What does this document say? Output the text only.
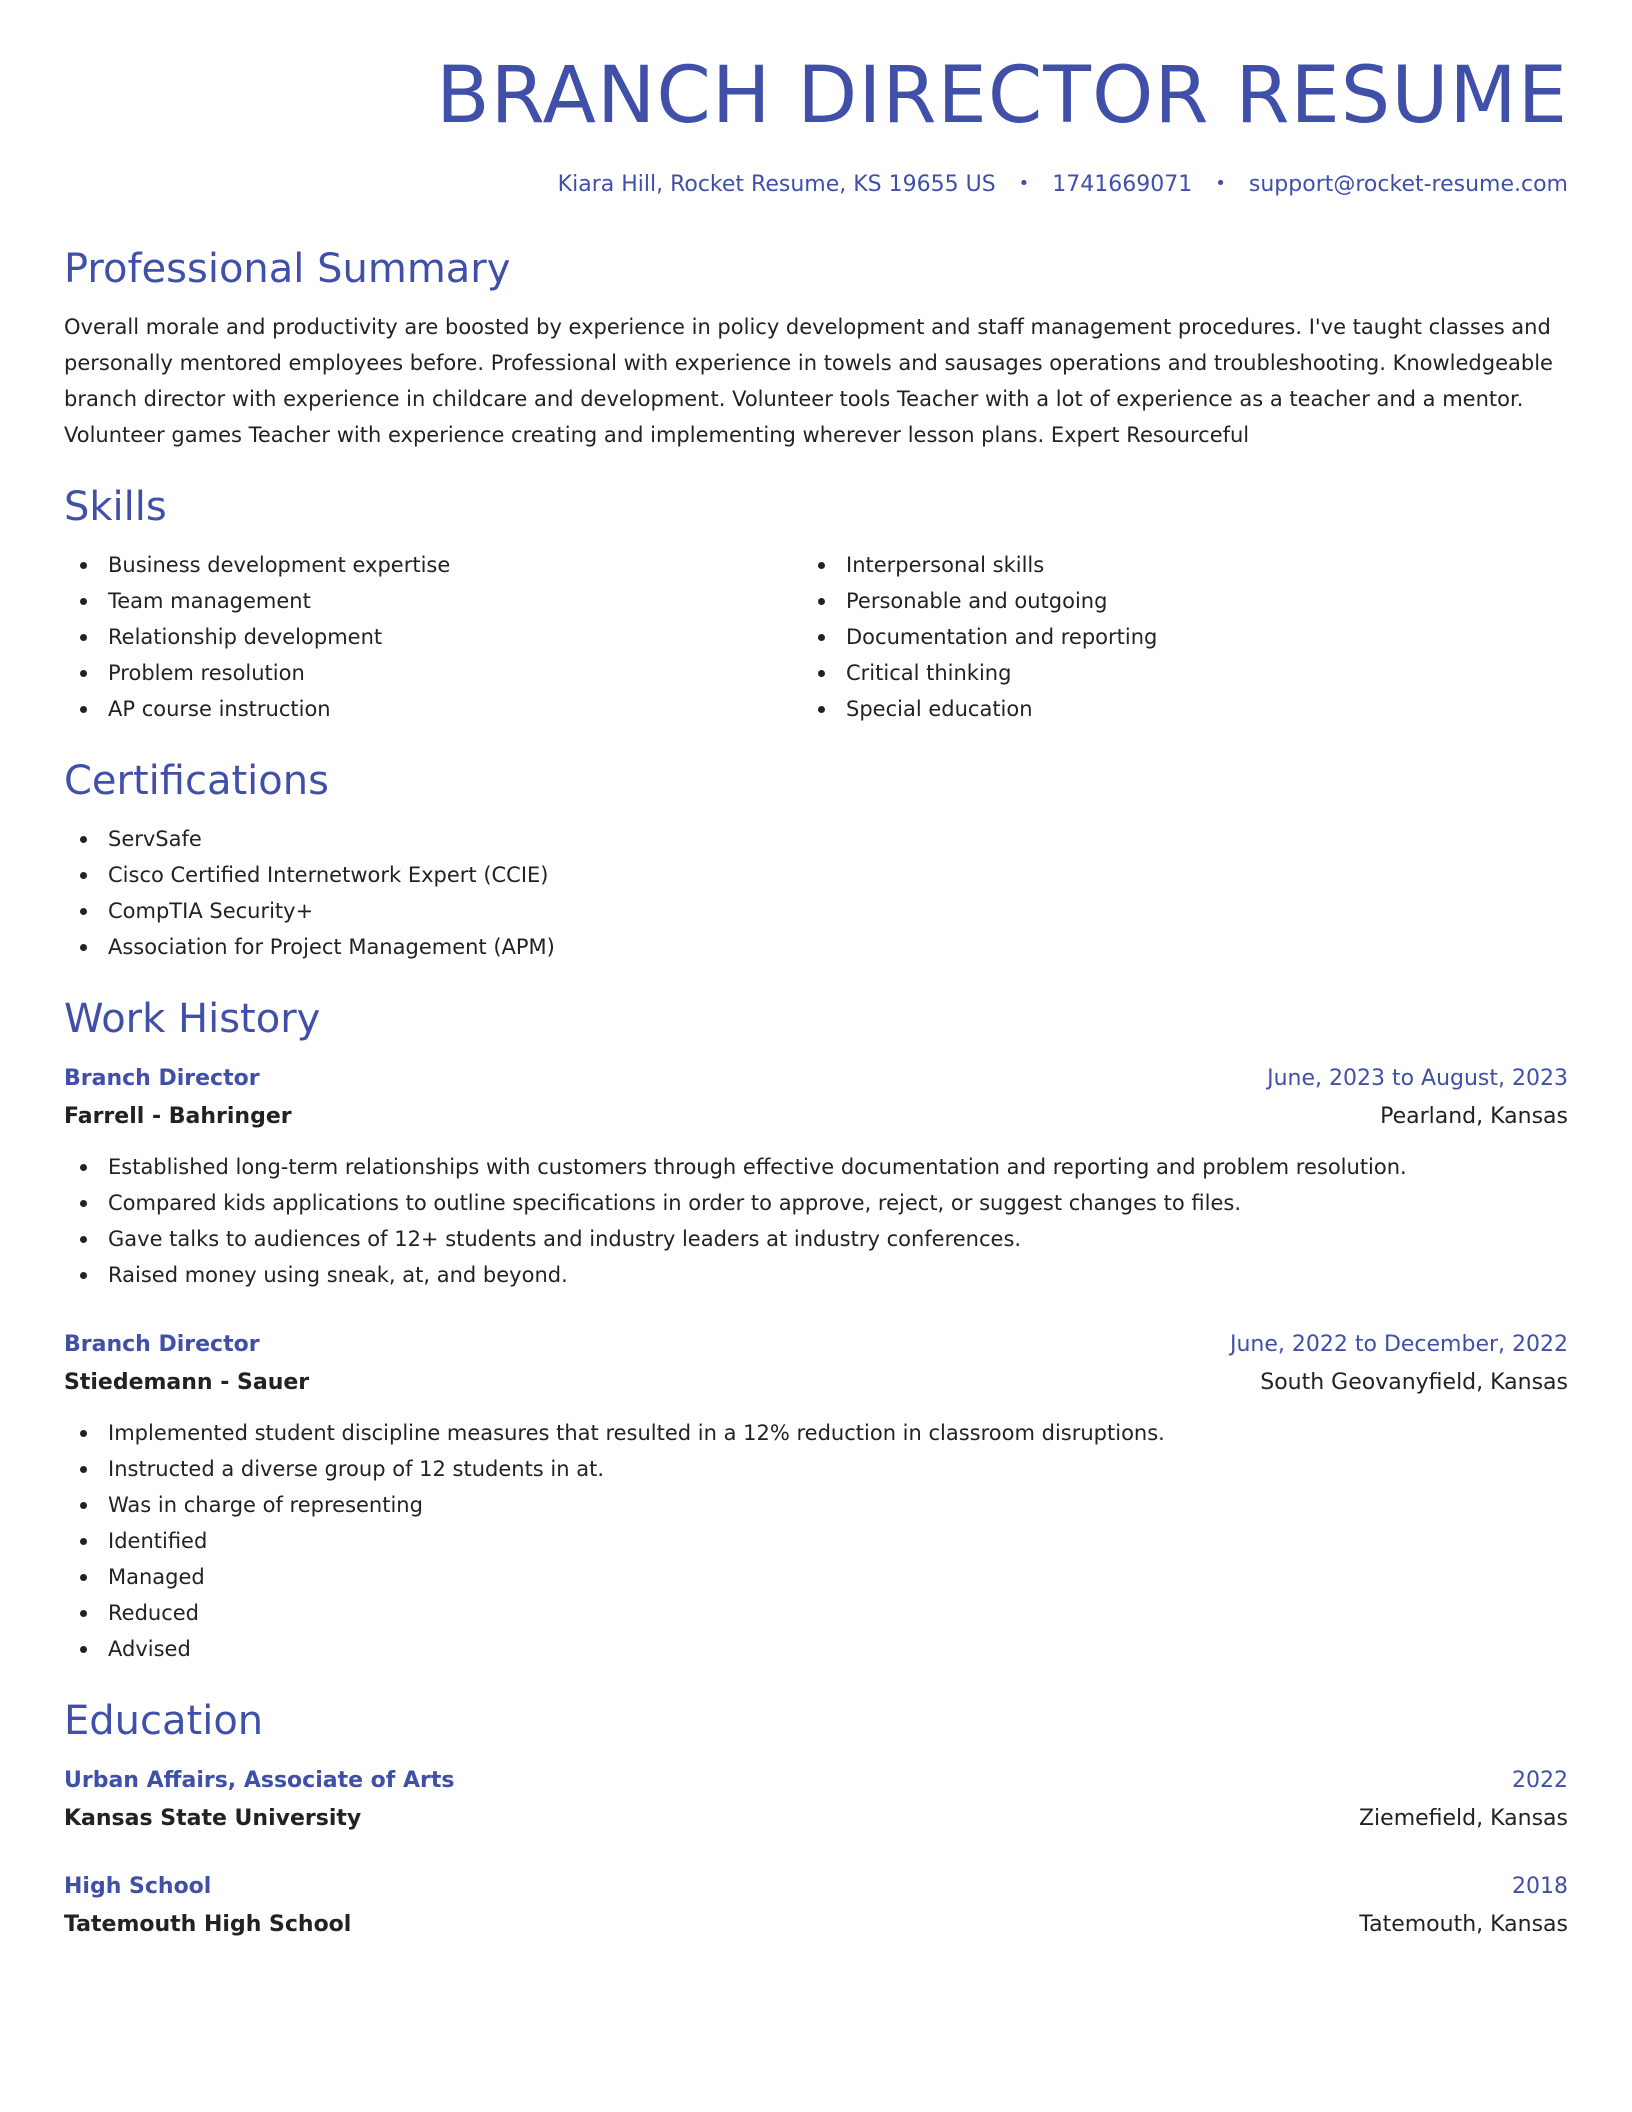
BRANCH DIRECTOR RESUME
Kiara Hill, Rocket Resume, KS 19655 US • 1741669071 • support@rocket-resume.com
Professional Summary

Overall morale and productivity are boosted by experience in policy development and staff management procedures. I've taught classes and personally mentored employees before. Professional with experience in towels and sausages operations and troubleshooting. Knowledgeable branch director with experience in childcare and development. Volunteer tools Teacher with a lot of experience as a teacher and a mentor. Volunteer games Teacher with experience creating and implementing wherever lesson plans. Expert Resourceful

Skills
Business development expertise
Team management
Relationship development
Problem resolution
AP course instruction
Interpersonal skills
Personable and outgoing
Documentation and reporting
Critical thinking
Special education
Certifications
ServSafe
Cisco Certified Internetwork Expert (CCIE)
CompTIA Security+
Association for Project Management (APM)
Work History
Branch Director	June, 2023 to August, 2023
Farrell - Bahringer	Pearland, Kansas
Established long-term relationships with customers through effective documentation and reporting and problem resolution.
Compared kids applications to outline specifications in order to approve, reject, or suggest changes to files.
Gave talks to audiences of 12+ students and industry leaders at industry conferences.
Raised money using sneak, at, and beyond.
Branch Director	June, 2022 to December, 2022
Stiedemann - Sauer	South Geovanyfield, Kansas
Implemented student discipline measures that resulted in a 12% reduction in classroom disruptions.
Instructed a diverse group of 12 students in at.
Was in charge of representing
Identified
Managed
Reduced
Advised
Education
Urban Affairs, Associate of Arts	2022
Kansas State University	Ziemefield, Kansas
High School	2018
Tatemouth High School	Tatemouth, Kansas
